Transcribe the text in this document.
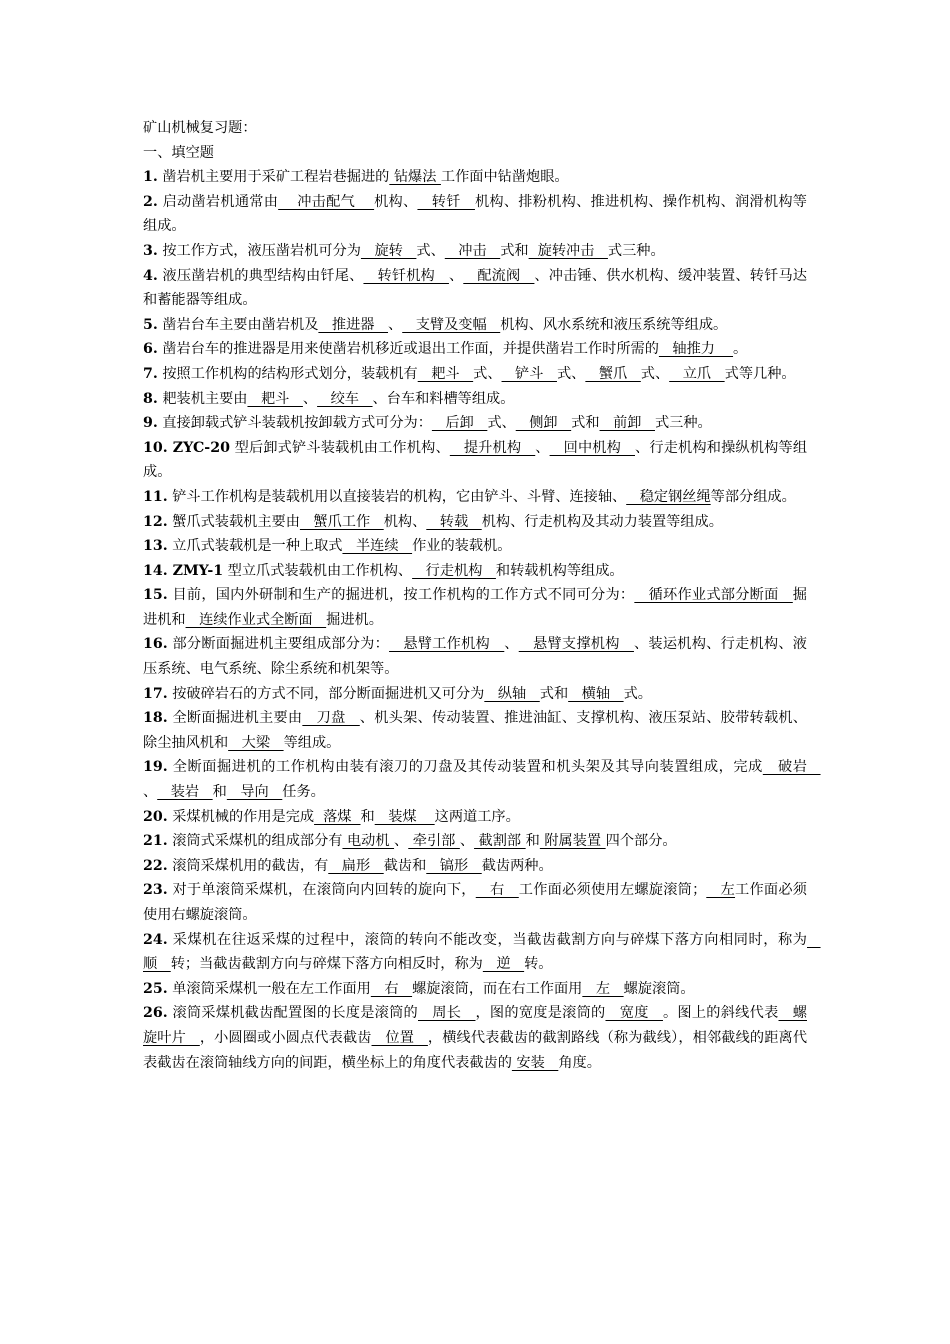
矿山机械复习题：
一、填空题

1. 凿岩机主要用于采矿工程岩巷掘进的 钻爆法 工作面中钻凿炮眼。

2. 启动凿岩机通常由    冲击配气    机构、   转钎   机构、排粉机构、推进机构、操作机构、润滑机构等组成。

3. 按工作方式，液压凿岩机可分为   旋转   式、   冲击   式和  旋转冲击   式三种。

4. 液压凿岩机的典型结构由钎尾、   转钎机构   、   配流阀   、冲击锤、供水机构、缓冲装置、转钎马达和蓄能器等组成。

5. 凿岩台车主要由凿岩机及   推进器   、   支臂及变幅   机构、风水系统和液压系统等组成。

6. 凿岩台车的推进器是用来使凿岩机移近或退出工作面，并提供凿岩工作时所需的   轴推力    。

7. 按照工作机构的结构形式划分，装载机有   耙斗   式、   铲斗   式、   蟹爪   式、   立爪   式等几种。

8. 耙装机主要由   耙斗   、   绞车   、台车和料槽等组成。

9. 直接卸载式铲斗装载机按卸载方式可分为：   后卸   式、   侧卸   式和   前卸   式三种。

10. ZYC-20 型后卸式铲斗装载机由工作机构、   提升机构   、   回中机构   、行走机构和操纵机构等组成。

11. 铲斗工作机构是装载机用以直接装岩的机构，它由铲斗、斗臂、连接轴、   稳定钢丝绳等部分组成。

12. 蟹爪式装载机主要由   蟹爪工作   机构、   转载   机构、行走机构及其动力装置等组成。

13. 立爪式装载机是一种上取式   半连续   作业的装载机。

14. ZMY-1 型立爪式装载机由工作机构、   行走机构   和转载机构等组成。

15. 目前，国内外研制和生产的掘进机，按工作机构的工作方式不同可分为：   循环作业式部分断面   掘进机和   连续作业式全断面   掘进机。

16. 部分断面掘进机主要组成部分为：   悬臂工作机构   、   悬臂支撑机构   、装运机构、行走机构、液压系统、电气系统、除尘系统和机架等。

17. 按破碎岩石的方式不同，部分断面掘进机又可分为   纵轴   式和   横轴   式。

18. 全断面掘进机主要由   刀盘   、机头架、传动装置、推进油缸、支撑机构、液压泵站、胶带转载机、除尘抽风机和   大梁   等组成。

19. 全断面掘进机的工作机构由装有滚刀的刀盘及其传动装置和机头架及其导向装置组成，完成   破岩   、   装岩   和   导向   任务。

20. 采煤机械的作用是完成  落煤  和   装煤    这两道工序。

21. 滚筒式采煤机的组成部分有 电动机 、 牵引部 、 截割部 和 附属装置 四个部分。

22. 滚筒采煤机用的截齿，有   扁形   截齿和   镐形   截齿两种。

23. 对于单滚筒采煤机，在滚筒向内回转的旋向下，   右   工作面必须使用左螺旋滚筒；   左工作面必须使用右螺旋滚筒。

24. 采煤机在往返采煤的过程中，滚筒的转向不能改变，当截齿截割方向与碎煤下落方向相同时，称为   顺   转；当截齿截割方向与碎煤下落方向相反时，称为   逆   转。

25. 单滚筒采煤机一般在左工作面用   右   螺旋滚筒，而在右工作面用   左   螺旋滚筒。

26. 滚筒采煤机截齿配置图的长度是滚筒的   周长   ，图的宽度是滚筒的   宽度   。图上的斜线代表   螺旋叶片   ，小圆圈或小圆点代表截齿   位置   ，横线代表截齿的截割路线（称为截线），相邻截线的距离代表截齿在滚筒轴线方向的间距，横坐标上的角度代表截齿的 安装   角度。
